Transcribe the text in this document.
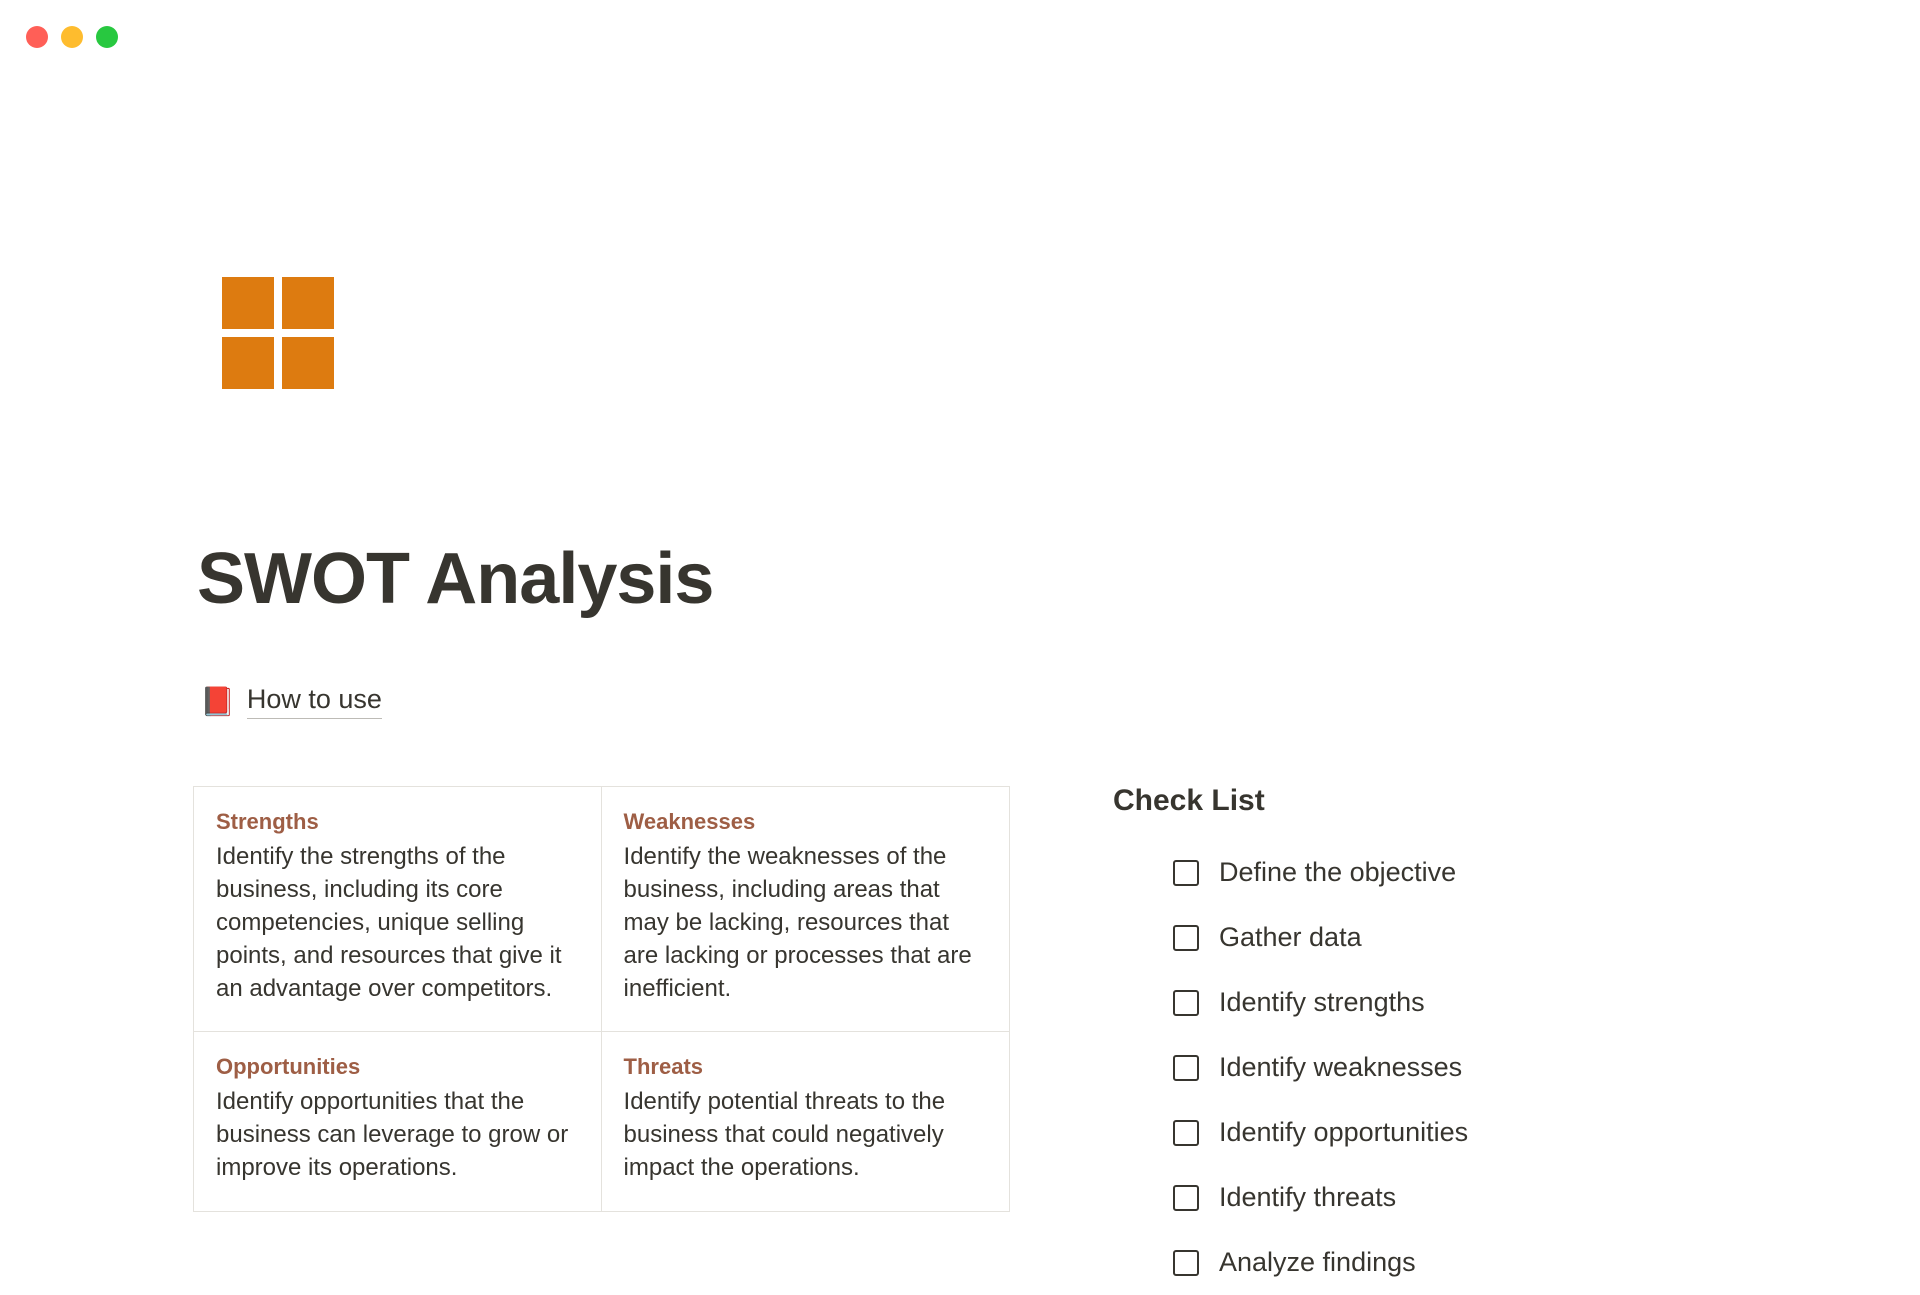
SWOT Analysis
📕 How to use
Strengths
Identify the strengths of the business, including its core competencies, unique selling points, and resources that give it an advantage over competitors.
Weaknesses
Identify the weaknesses of the business, including areas that may be lacking, resources that are lacking or processes that are inefficient.
Opportunities
Identify opportunities that the business can leverage to grow or improve its operations.
Threats
Identify potential threats to the business that could negatively impact the operations.
Check List
Define the objective
Gather data
Identify strengths
Identify weaknesses
Identify opportunities
Identify threats
Analyze findings
